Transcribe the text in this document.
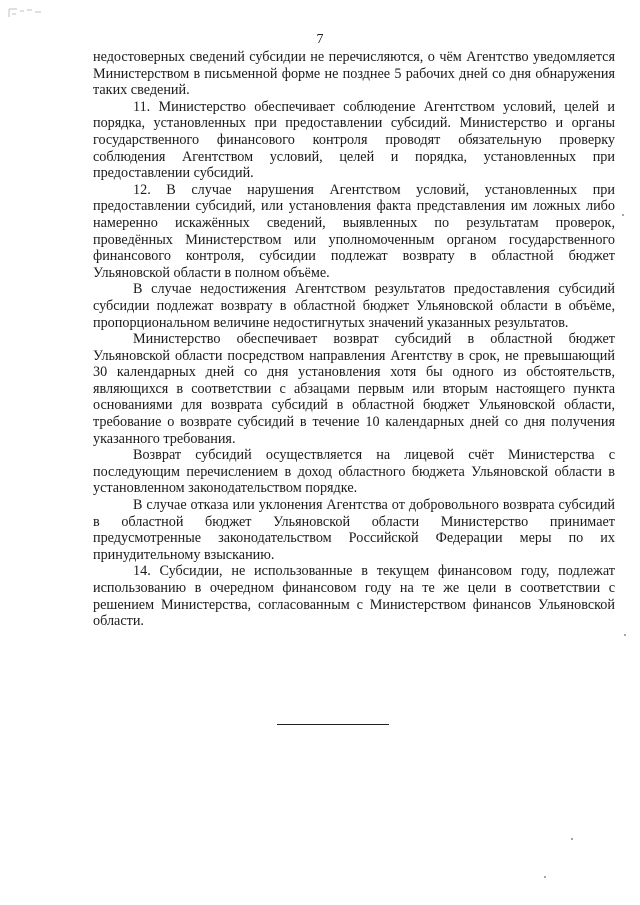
7

недостоверных сведений субсидии не перечисляются, о чём Агентство уведомляется Министерством в письменной форме не позднее 5 рабочих дней со дня обнаружения таких сведений.

11. Министерство обеспечивает соблюдение Агентством условий, целей и порядка, установленных при предоставлении субсидий. Министерство и органы государственного финансового контроля проводят обязательную проверку соблюдения Агентством условий, целей и порядка, установленных при предоставлении субсидий.

12. В случае нарушения Агентством условий, установленных при предоставлении субсидий, или установления факта представления им ложных либо намеренно искажённых сведений, выявленных по результатам проверок, проведённых Министерством или уполномоченным органом государственного финансового контроля, субсидии подлежат возврату в областной бюджет Ульяновской области в полном объёме.

В случае недостижения Агентством результатов предоставления субсидий субсидии подлежат возврату в областной бюджет Ульяновской области в объёме, пропорциональном величине недостигнутых значений указанных результатов.

Министерство обеспечивает возврат субсидий в областной бюджет Ульяновской области посредством направления Агентству в срок, не превышающий 30 календарных дней со дня установления хотя бы одного из обстоятельств, являющихся в соответствии с абзацами первым или вторым настоящего пункта основаниями для возврата субсидий в областной бюджет Ульяновской области, требование о возврате субсидий в течение 10 календарных дней со дня получения указанного требования.

Возврат субсидий осуществляется на лицевой счёт Министерства с последующим перечислением в доход областного бюджета Ульяновской области в установленном законодательством порядке.

В случае отказа или уклонения Агентства от добровольного возврата субсидий в областной бюджет Ульяновской области Министерство принимает предусмотренные законодательством Российской Федерации меры по их принудительному взысканию.

14. Субсидии, не использованные в текущем финансовом году, подлежат использованию в очередном финансовом году на те же цели в соответствии с решением Министерства, согласованным с Министерством финансов Ульяновской области.
